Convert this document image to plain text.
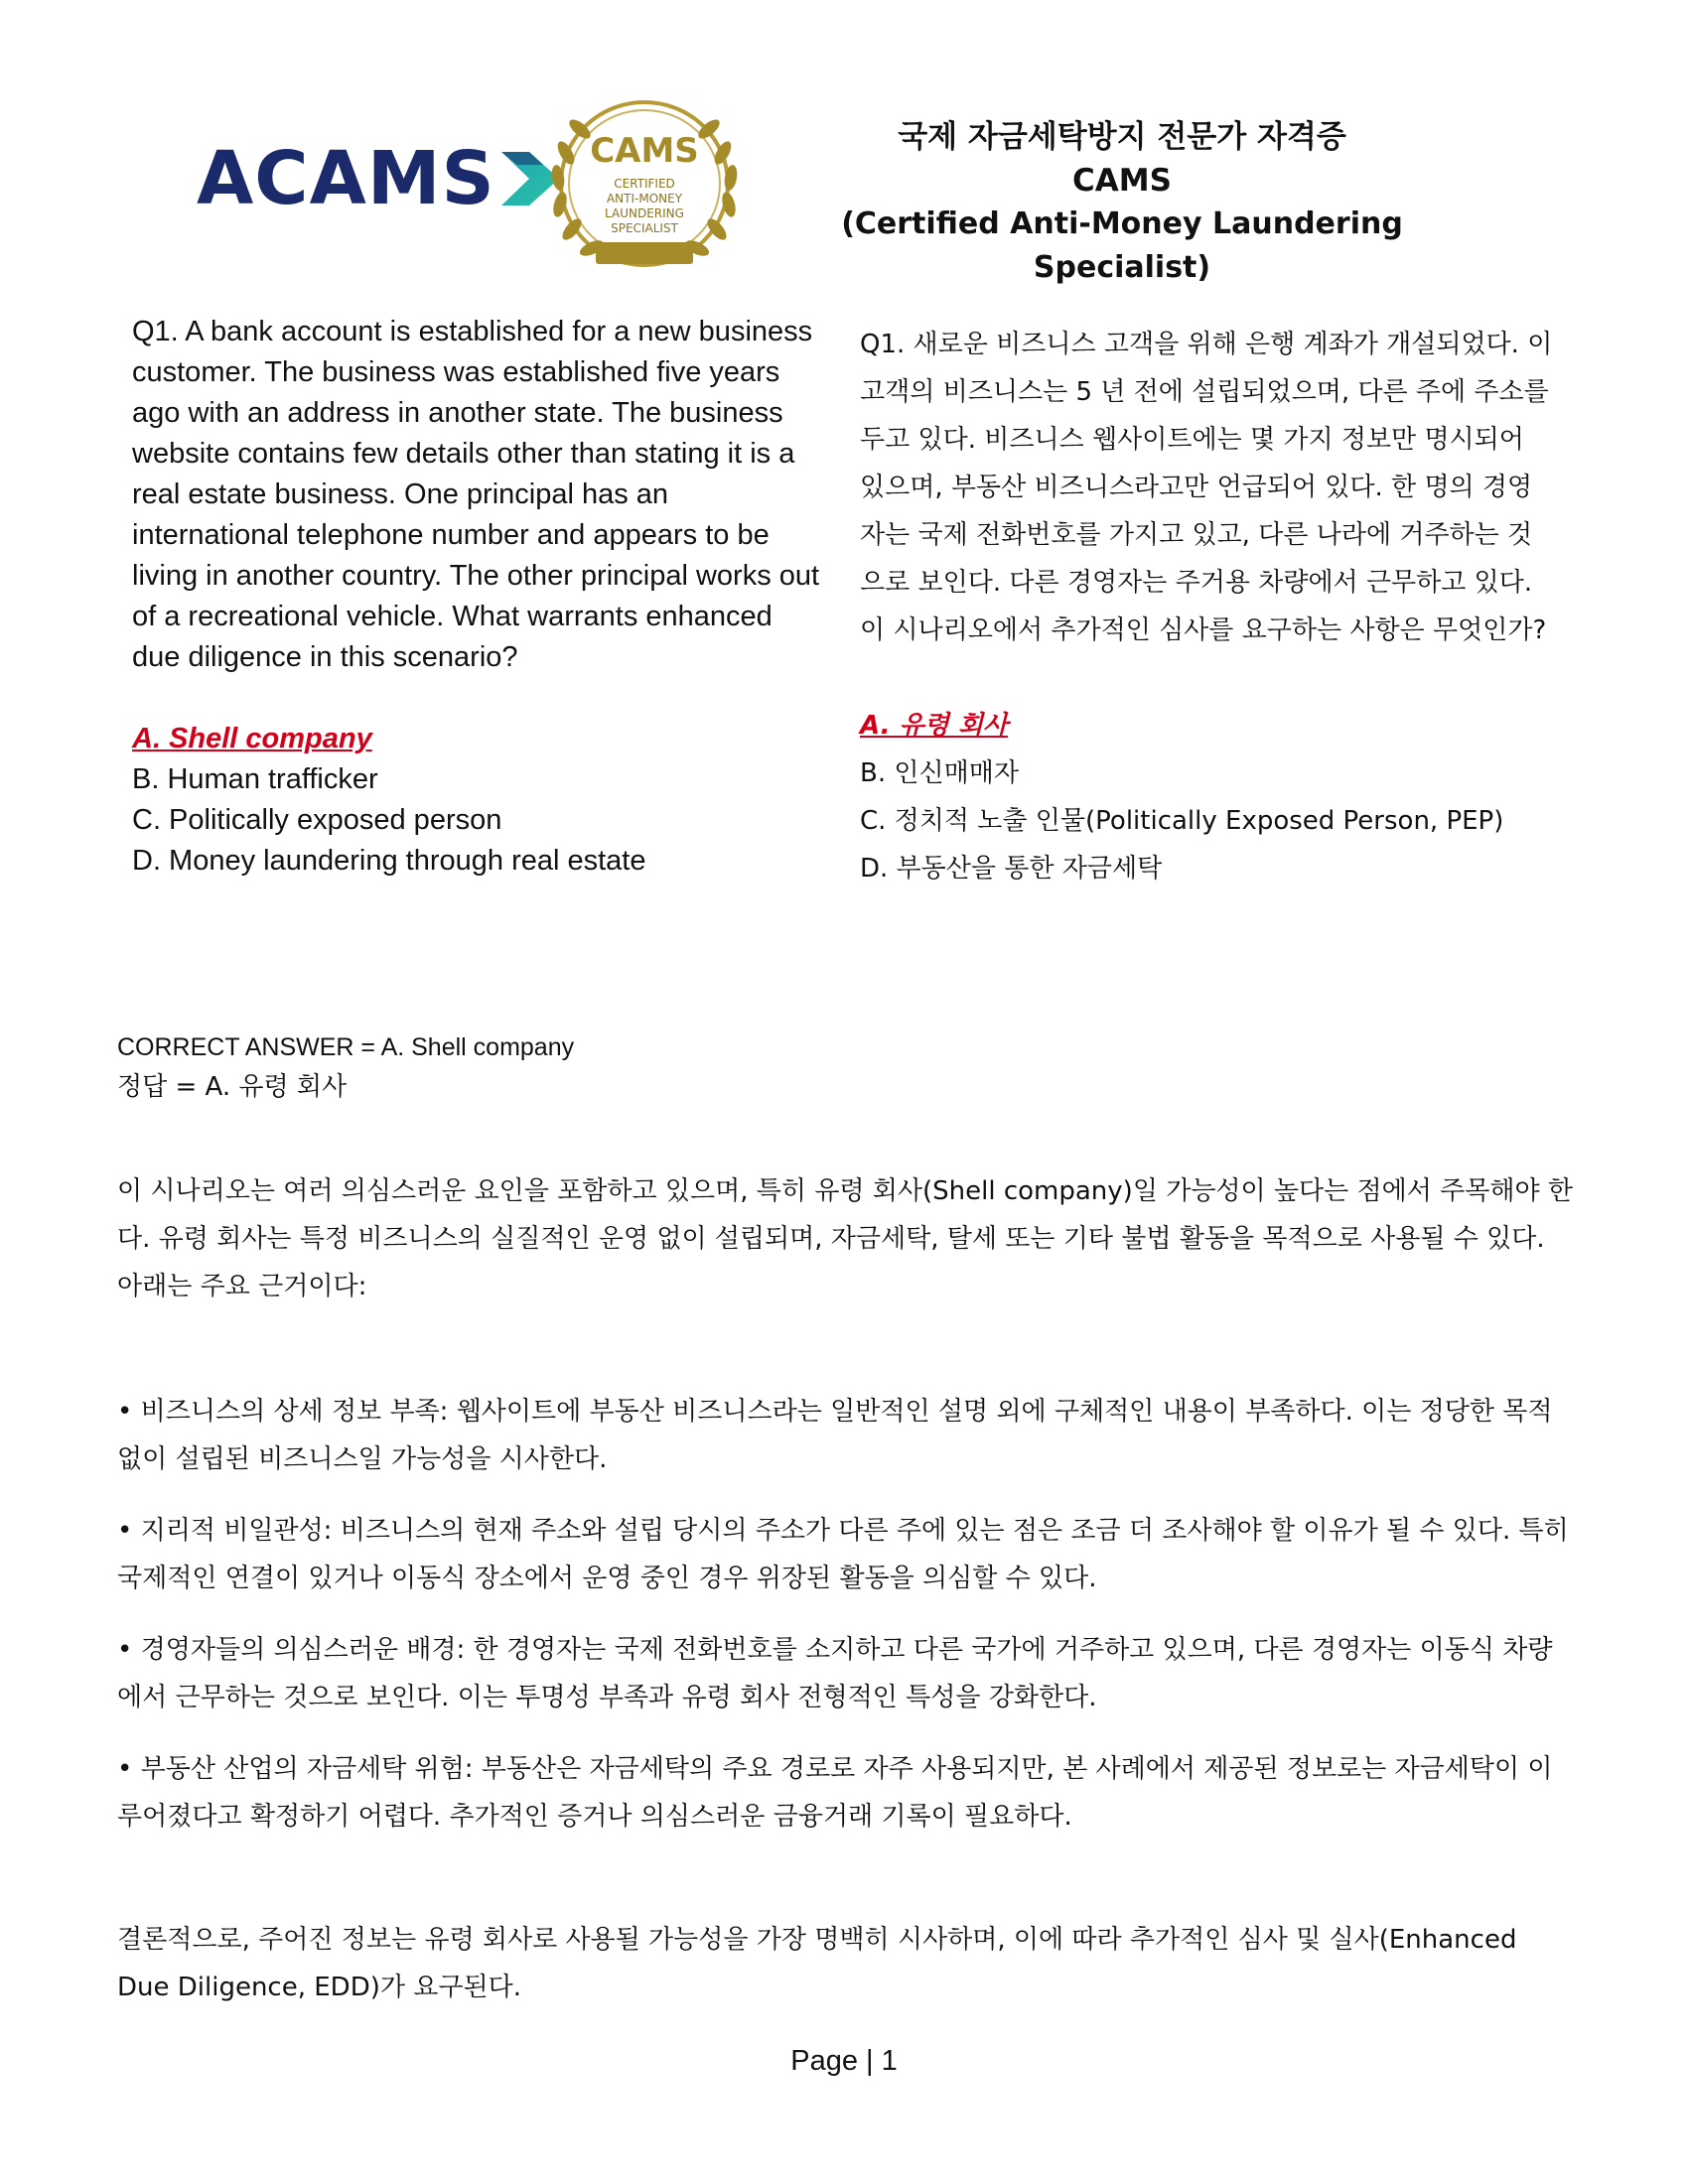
ACAMS	CAMS
CERTIFIED
ANTI-MONEY
LAUNDERING
SPECIALIST
국제 자금세탁방지 전문가 자격증
CAMS
(Certified Anti-Money Laundering Specialist)

Q1. A bank account is established for a new business customer. The business was established five years ago with an address in another state. The business website contains few details other than stating it is a real estate business. One principal has an international telephone number and appears to be living in another country. The other principal works out of a recreational vehicle. What warrants enhanced due diligence in this scenario?

A. Shell company
B. Human trafficker
C. Politically exposed person
D. Money laundering through real estate

Q1. 새로운 비즈니스 고객을 위해 은행 계좌가 개설되었다. 이 고객의 비즈니스는 5 년 전에 설립되었으며, 다른 주에 주소를 두고 있다. 비즈니스 웹사이트에는 몇 가지 정보만 명시되어 있으며, 부동산 비즈니스라고만 언급되어 있다. 한 명의 경영자는 국제 전화번호를 가지고 있고, 다른 나라에 거주하는 것으로 보인다. 다른 경영자는 주거용 차량에서 근무하고 있다. 이 시나리오에서 추가적인 심사를 요구하는 사항은 무엇인가?

A. 유령 회사
B. 인신매매자
C. 정치적 노출 인물(Politically Exposed Person, PEP)
D. 부동산을 통한 자금세탁
CORRECT ANSWER = A. Shell company
정답 = A. 유령 회사

이 시나리오는 여러 의심스러운 요인을 포함하고 있으며, 특히 유령 회사(Shell company)일 가능성이 높다는 점에서 주목해야 한다. 유령 회사는 특정 비즈니스의 실질적인 운영 없이 설립되며, 자금세탁, 탈세 또는 기타 불법 활동을 목적으로 사용될 수 있다. 아래는 주요 근거이다:

• 비즈니스의 상세 정보 부족: 웹사이트에 부동산 비즈니스라는 일반적인 설명 외에 구체적인 내용이 부족하다. 이는 정당한 목적 없이 설립된 비즈니스일 가능성을 시사한다.

• 지리적 비일관성: 비즈니스의 현재 주소와 설립 당시의 주소가 다른 주에 있는 점은 조금 더 조사해야 할 이유가 될 수 있다. 특히 국제적인 연결이 있거나 이동식 장소에서 운영 중인 경우 위장된 활동을 의심할 수 있다.

• 경영자들의 의심스러운 배경: 한 경영자는 국제 전화번호를 소지하고 다른 국가에 거주하고 있으며, 다른 경영자는 이동식 차량에서 근무하는 것으로 보인다. 이는 투명성 부족과 유령 회사 전형적인 특성을 강화한다.

• 부동산 산업의 자금세탁 위험: 부동산은 자금세탁의 주요 경로로 자주 사용되지만, 본 사례에서 제공된 정보로는 자금세탁이 이루어졌다고 확정하기 어렵다. 추가적인 증거나 의심스러운 금융거래 기록이 필요하다.

결론적으로, 주어진 정보는 유령 회사로 사용될 가능성을 가장 명백히 시사하며, 이에 따라 추가적인 심사 및 실사(Enhanced Due Diligence, EDD)가 요구된다.

Page | 1
